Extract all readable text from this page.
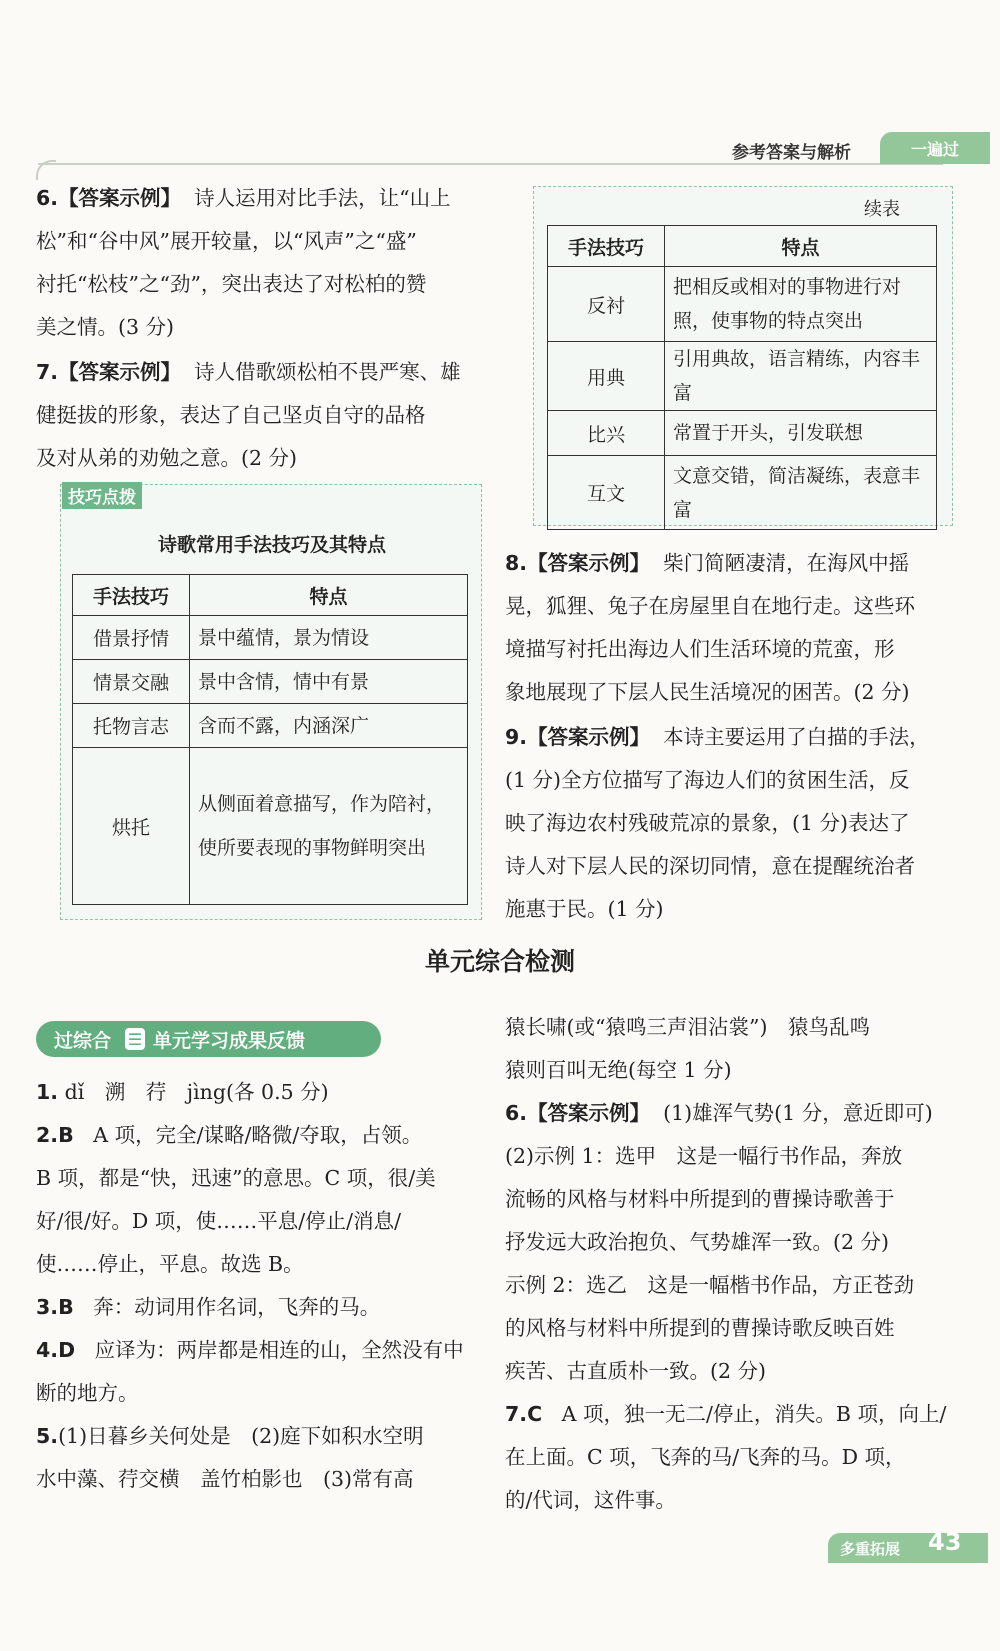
参考答案与解析	一遍过
6.【答案示例】 诗人运用对比手法，让“山上
松”和“谷中风”展开较量，以“风声”之“盛”
衬托“松枝”之“劲”，突出表达了对松柏的赞
美之情。(3 分)
7.【答案示例】 诗人借歌颂松柏不畏严寒、雄
健挺拔的形象，表达了自己坚贞自守的品格
及对从弟的劝勉之意。(2 分)
技巧点拨
诗歌常用手法技巧及其特点
手法技巧	特点
借景抒情	景中蕴情，景为情设
情景交融	景中含情，情中有景
托物言志	含而不露，内涵深广
烘托	从侧面着意描写，作为陪衬，使所要表现的事物鲜明突出
续表
手法技巧	特点
反衬	把相反或相对的事物进行对照，使事物的特点突出
用典	引用典故，语言精练，内容丰富
比兴	常置于开头，引发联想
互文	文意交错，简洁凝练，表意丰富
8.【答案示例】 柴门简陋凄清，在海风中摇
晃，狐狸、兔子在房屋里自在地行走。这些环
境描写衬托出海边人们生活环境的荒蛮，形
象地展现了下层人民生活境况的困苦。(2 分)
9.【答案示例】 本诗主要运用了白描的手法，
(1 分)全方位描写了海边人们的贫困生活，反
映了海边农村残破荒凉的景象，(1 分)表达了
诗人对下层人民的深切同情，意在提醒统治者
施惠于民。(1 分)
单元综合检测
过综合 ☰ 单元学习成果反馈
1. dǐ　溯　荇　jìng(各 0.5 分)
2.B A 项，完全/谋略/略微/夺取，占领。
B 项，都是“快，迅速”的意思。C 项，很/美
好/很/好。D 项，使……平息/停止/消息/
使……停止，平息。故选 B。
3.B 奔：动词用作名词，飞奔的马。
4.D 应译为：两岸都是相连的山，全然没有中
断的地方。
5.(1)日暮乡关何处是　(2)庭下如积水空明
水中藻、荇交横　盖竹柏影也　(3)常有高
猿长啸(或“猿鸣三声泪沾裳”)　猿鸟乱鸣
猿则百叫无绝(每空 1 分)
6.【答案示例】 (1)雄浑气势(1 分，意近即可)
(2)示例 1：选甲　这是一幅行书作品，奔放
流畅的风格与材料中所提到的曹操诗歌善于
抒发远大政治抱负、气势雄浑一致。(2 分)
示例 2：选乙　这是一幅楷书作品，方正苍劲
的风格与材料中所提到的曹操诗歌反映百姓
疾苦、古直质朴一致。(2 分)
7.C A 项，独一无二/停止，消失。B 项，向上/
在上面。C 项，飞奔的马/飞奔的马。D 项，
的/代词，这件事。
多重拓展	43
